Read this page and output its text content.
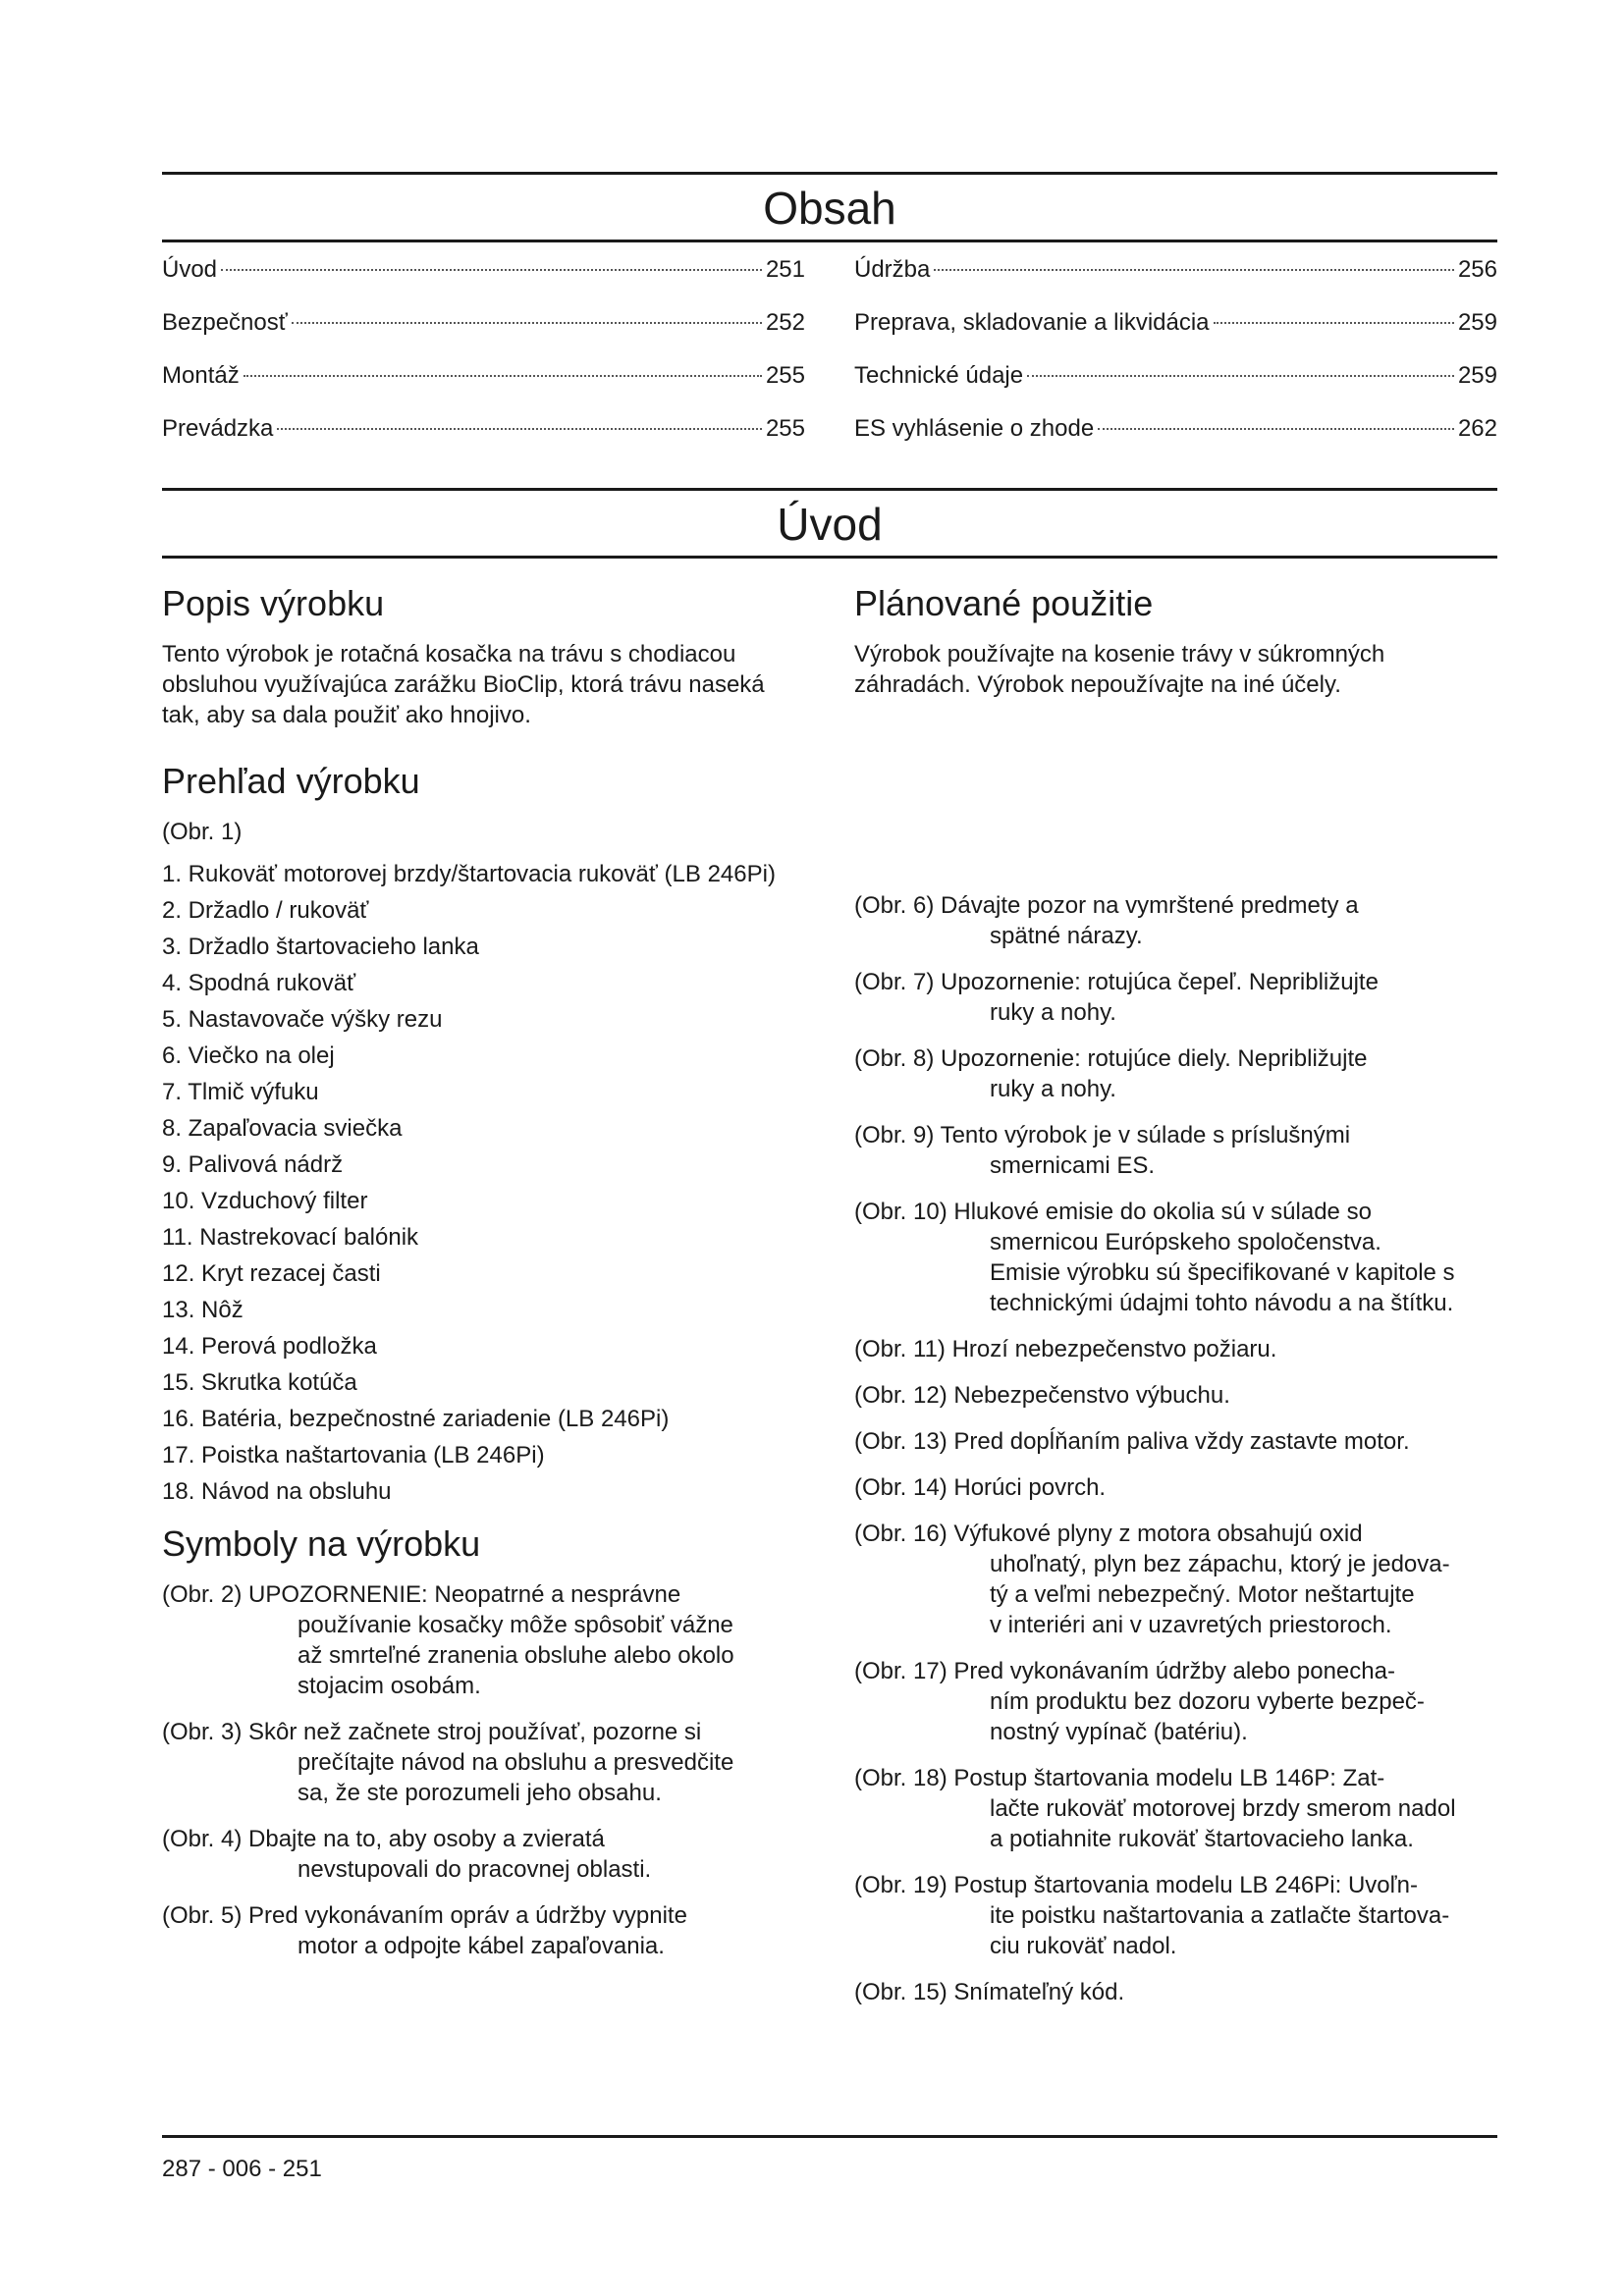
Obsah
Úvod	251
Bezpečnosť	252
Montáž	255
Prevádzka	255
Údržba	256
Preprava, skladovanie a likvidácia	259
Technické údaje	259
ES vyhlásenie o zhode	262
Úvod
Popis výrobku

Tento výrobok je rotačná kosačka na trávu s chodiacou obsluhou využívajúca zarážku BioClip, ktorá trávu naseká tak, aby sa dala použiť ako hnojivo.

Plánované použitie

Výrobok používajte na kosenie trávy v súkromných záhradách. Výrobok nepoužívajte na iné účely.

Prehľad výrobku

(Obr. 1)

1. Rukoväť motorovej brzdy/štartovacia rukoväť (LB 246Pi)
2. Držadlo / rukoväť
3. Držadlo štartovacieho lanka
4. Spodná rukoväť
5. Nastavovače výšky rezu
6. Viečko na olej
7. Tlmič výfuku
8. Zapaľovacia sviečka
9. Palivová nádrž
10. Vzduchový filter
11. Nastrekovací balónik
12. Kryt rezacej časti
13. Nôž
14. Perová podložka
15. Skrutka kotúča
16. Batéria, bezpečnostné zariadenie (LB 246Pi)
17. Poistka naštartovania (LB 246Pi)
18. Návod na obsluhu
Symboly na výrobku
(Obr. 2) UPOZORNENIE: Neopatrné a nesprávne
používanie kosačky môže spôsobiť vážne
až smrteľné zranenia obsluhe alebo okolo
stojacim osobám.
(Obr. 3) Skôr než začnete stroj používať, pozorne si
prečítajte návod na obsluhu a presvedčite
sa, že ste porozumeli jeho obsahu.
(Obr. 4) Dbajte na to, aby osoby a zvieratá
nevstupovali do pracovnej oblasti.
(Obr. 5) Pred vykonávaním opráv a údržby vypnite
motor a odpojte kábel zapaľovania.
(Obr. 6) Dávajte pozor na vymrštené predmety a
spätné nárazy.
(Obr. 7) Upozornenie: rotujúca čepeľ. Nepribližujte
ruky a nohy.
(Obr. 8) Upozornenie: rotujúce diely. Nepribližujte
ruky a nohy.
(Obr. 9) Tento výrobok je v súlade s príslušnými
smernicami ES.
(Obr. 10) Hlukové emisie do okolia sú v súlade so
smernicou Európskeho spoločenstva.
Emisie výrobku sú špecifikované v kapitole s
technickými údajmi tohto návodu a na štítku.
(Obr. 11) Hrozí nebezpečenstvo požiaru.
(Obr. 12) Nebezpečenstvo výbuchu.
(Obr. 13) Pred dopĺňaním paliva vždy zastavte motor.
(Obr. 14) Horúci povrch.
(Obr. 16) Výfukové plyny z motora obsahujú oxid
uhoľnatý, plyn bez zápachu, ktorý je jedova-
tý a veľmi nebezpečný. Motor neštartujte
v interiéri ani v uzavretých priestoroch.
(Obr. 17) Pred vykonávaním údržby alebo ponecha-
ním produktu bez dozoru vyberte bezpeč-
nostný vypínač (batériu).
(Obr. 18) Postup štartovania modelu LB 146P: Zat-
lačte rukoväť motorovej brzdy smerom nadol
a potiahnite rukoväť štartovacieho lanka.
(Obr. 19) Postup štartovania modelu LB 246Pi: Uvoľn-
ite poistku naštartovania a zatlačte štartova-
ciu rukoväť nadol.
(Obr. 15) Snímateľný kód.
287 - 006 - 251
